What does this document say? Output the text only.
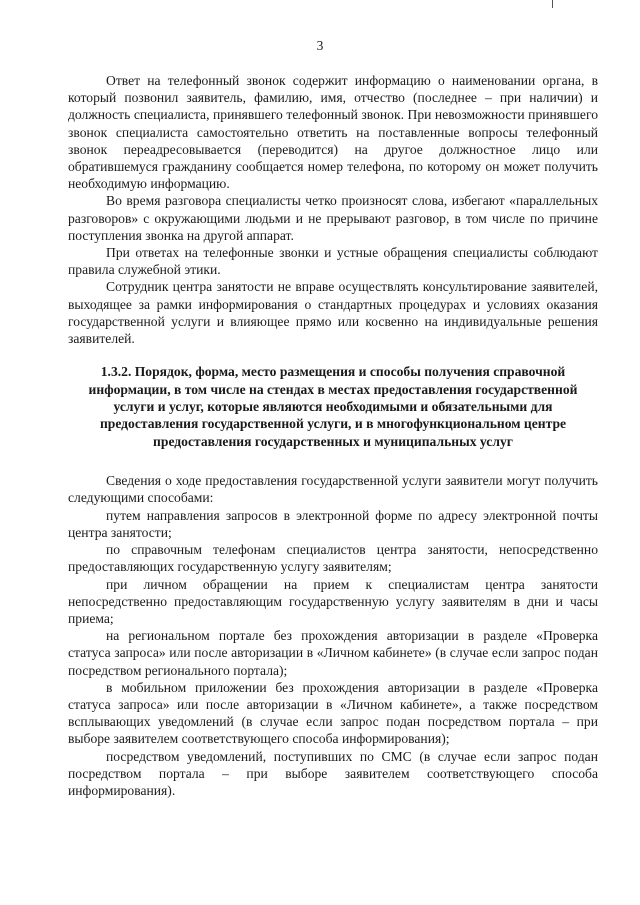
3

Ответ на телефонный звонок содержит информацию о наименовании органа, в который позвонил заявитель, фамилию, имя, отчество (последнее – при наличии) и должность специалиста, принявшего телефонный звонок. При невозможности принявшего звонок специалиста самостоятельно ответить на поставленные вопросы телефонный звонок переадресовывается (переводится) на другое должностное лицо или обратившемуся гражданину сообщается номер телефона, по которому он может получить необходимую информацию.

Во время разговора специалисты четко произносят слова, избегают «параллельных разговоров» с окружающими людьми и не прерывают разговор, в том числе по причине поступления звонка на другой аппарат.

При ответах на телефонные звонки и устные обращения специалисты соблюдают правила служебной этики.

Сотрудник центра занятости не вправе осуществлять консультирование заявителей, выходящее за рамки информирования о стандартных процедурах и условиях оказания государственной услуги и влияющее прямо или косвенно на индивидуальные решения заявителей.

1.3.2. Порядок, форма, место размещения и способы получения справочной информации, в том числе на стендах в местах предоставления государственной услуги и услуг, которые являются необходимыми и обязательными для предоставления государственной услуги, и в многофункциональном центре предоставления государственных и муниципальных услуг

Сведения о ходе предоставления государственной услуги заявители могут получить следующими способами:

путем направления запросов в электронной форме по адресу электронной почты центра занятости;

по справочным телефонам специалистов центра занятости, непосредственно предоставляющих государственную услугу заявителям;

при личном обращении на прием к специалистам центра занятости непосредственно предоставляющим государственную услугу заявителям в дни и часы приема;

на региональном портале без прохождения авторизации в разделе «Проверка статуса запроса» или после авторизации в «Личном кабинете» (в случае если запрос подан посредством регионального портала);

в мобильном приложении без прохождения авторизации в разделе «Проверка статуса запроса» или после авторизации в «Личном кабинете», а также посредством всплывающих уведомлений (в случае если запрос подан посредством портала – при выборе заявителем соответствующего способа информирования);

посредством уведомлений, поступивших по СМС (в случае если запрос подан посредством портала – при выборе заявителем соответствующего способа информирования).
